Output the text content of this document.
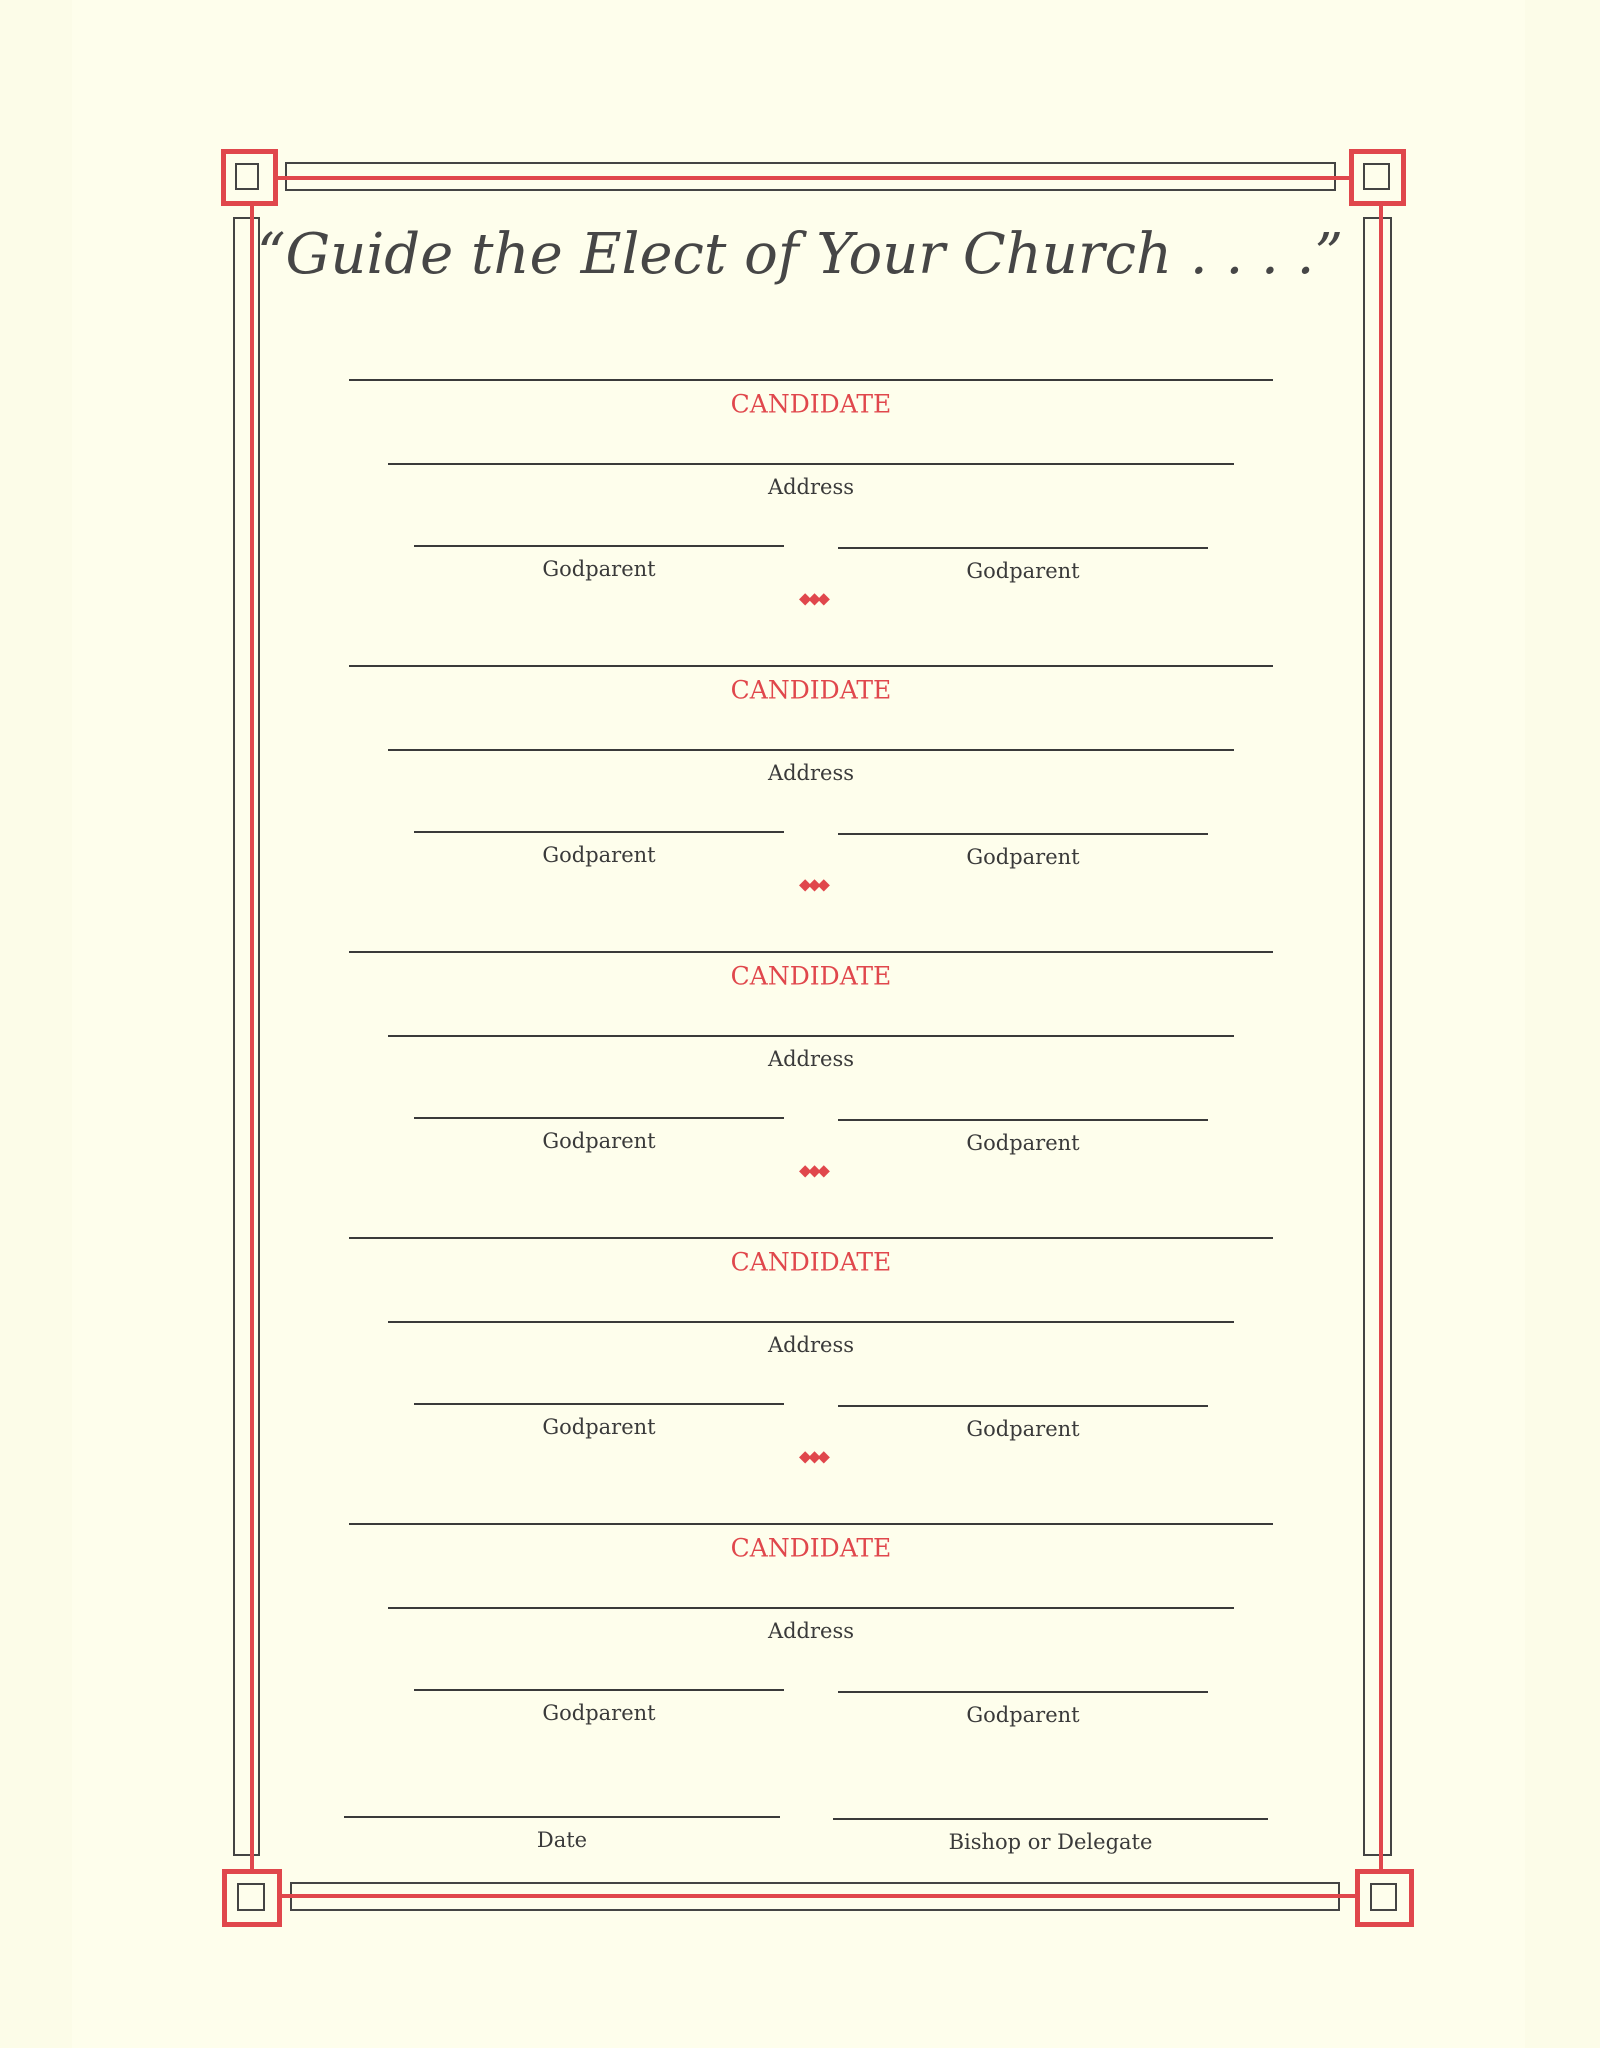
“Guide the Elect of Your Church . . . .”
CANDIDATE
Address
Godparent	Godparent
◆◆◆
CANDIDATE
Address
Godparent	Godparent
◆◆◆
CANDIDATE
Address
Godparent	Godparent
◆◆◆
CANDIDATE
Address
Godparent	Godparent
◆◆◆
CANDIDATE
Address
Godparent	Godparent
Date	Bishop or Delegate
